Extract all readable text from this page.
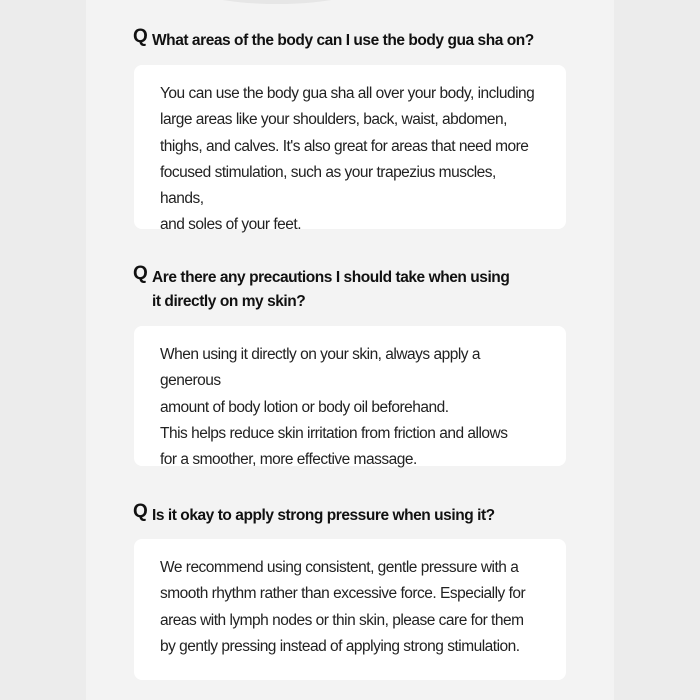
Q What areas of the body can I use the body gua sha on?
You can use the body gua sha all over your body, including
large areas like your shoulders, back, waist, abdomen,
thighs, and calves. It's also great for areas that need more
focused stimulation, such as your trapezius muscles, hands,
and soles of your feet.
Q Are there any precautions I should take when using
it directly on my skin?
When using it directly on your skin, always apply a generous
amount of body lotion or body oil beforehand.
This helps reduce skin irritation from friction and allows
for a smoother, more effective massage.
Q Is it okay to apply strong pressure when using it?
We recommend using consistent, gentle pressure with a
smooth rhythm rather than excessive force. Especially for
areas with lymph nodes or thin skin, please care for them
by gently pressing instead of applying strong stimulation.
